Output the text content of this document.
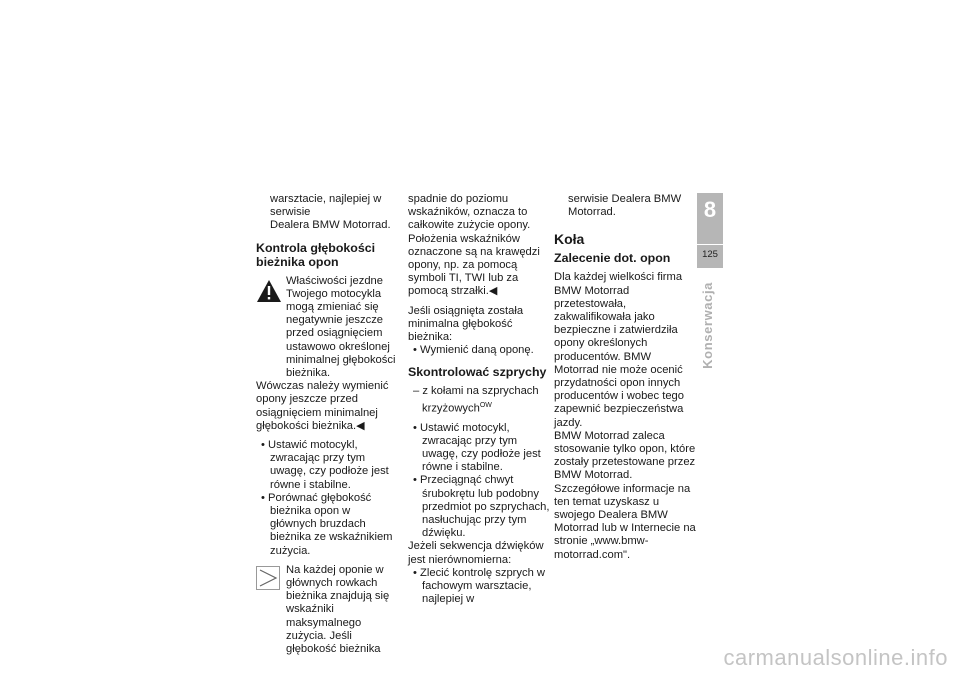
warsztacie, najlepiej w serwisie

Dealera BMW Motorrad.

Kontrola głębokości bieżnika opon

Właściwości jezdne Twojego motocykla mogą zmieniać się negatywnie jeszcze przed osiągnięciem ustawowo określonej minimalnej głębokości bieżnika.

Wówczas należy wymienić opony jeszcze przed osiągnięciem minimalnej głębokości bieżnika.◀

• Ustawić motocykl, zwracając przy tym uwagę, czy podłoże jest równe i stabilne.

• Porównać głębokość bieżnika opon w głównych bruzdach bieżnika ze wskaźnikiem zużycia.

Na każdej oponie w głównych rowkach bieżnika znajdują się wskaźniki maksymalnego zużycia. Jeśli głębokość bieżnika

spadnie do poziomu wskaźników, oznacza to całkowite zużycie opony. Położenia wskaźników oznaczone są na krawędzi opony, np. za pomocą symboli TI, TWI lub za pomocą strzałki.◀

Jeśli osiągnięta została minimalna głębokość bieżnika:

• Wymienić daną oponę.

Skontrolować szprychy

– z kołami na szprychach krzyżowych$^{OW}$

• Ustawić motocykl, zwracając przy tym uwagę, czy podłoże jest równe i stabilne.

• Przeciągnąć chwyt śrubokrętu lub podobny przedmiot po szprychach, nasłuchując przy tym dźwięku.

Jeżeli sekwencja dźwięków jest nierównomierna:

• Zlecić kontrolę szprych w fachowym warsztacie, najlepiej w

serwisie Dealera BMW Motorrad.

Koła
Zalecenie dot. opon

Dla każdej wielkości firma BMW Motorrad przetestowała, zakwalifikowała jako bezpieczne i zatwierdziła opony określonych producentów. BMW Motorrad nie może ocenić przydatności opon innych producentów i wobec tego zapewnić bezpieczeństwa jazdy.

BMW Motorrad zaleca stosowanie tylko opon, które zostały przetestowane przez BMW Motorrad.

Szczegółowe informacje na ten temat uzyskasz u swojego Dealera BMW Motorrad lub w Internecie na stronie „www.bmw-motorrad.com".

8
125
Konserwacja
carmanualsonline.info
